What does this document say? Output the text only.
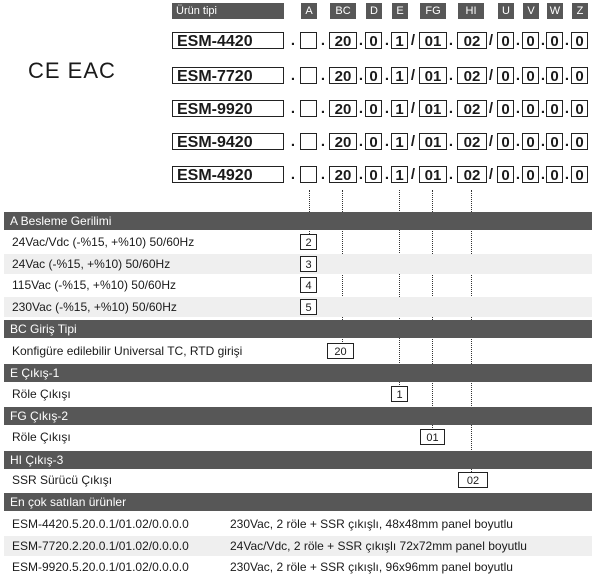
Ürün tipi	A	BC	D	E	FG	HI	U	V	W	Z
CE EAC
ESM-4420	. . 20 . 0 . 1 / 01 . 02 / 0 . 0 . 0 . 0
ESM-7720	. . 20 . 0 . 1 / 01 . 02 / 0 . 0 . 0 . 0
ESM-9920	. . 20 . 0 . 1 / 01 . 02 / 0 . 0 . 0 . 0
ESM-9420	. . 20 . 0 . 1 / 01 . 02 / 0 . 0 . 0 . 0
ESM-4920	. . 20 . 0 . 1 / 01 . 02 / 0 . 0 . 0 . 0
A Besleme Gerilimi
24Vac/Vdc (-%15, +%10) 50/60Hz	2
24Vac (-%15, +%10) 50/60Hz	3
115Vac (-%15, +%10) 50/60Hz	4
230Vac (-%15, +%10) 50/60Hz	5
BC Giriş Tipi
Konfigüre edilebilir Universal TC, RTD girişi	20
E Çıkış-1
Röle Çıkışı	1
FG Çıkış-2
Röle Çıkışı	01
HI Çıkış-3
SSR Sürücü Çıkışı	02
En çok satılan ürünler
ESM-4420.5.20.0.1/01.02/0.0.0.0	230Vac, 2 röle + SSR çıkışlı, 48x48mm panel boyutlu
ESM-7720.2.20.0.1/01.02/0.0.0.0	24Vac/Vdc, 2 röle + SSR çıkışlı 72x72mm panel boyutlu
ESM-9920.5.20.0.1/01.02/0.0.0.0	230Vac, 2 röle + SSR çıkışlı, 96x96mm panel boyutlu
